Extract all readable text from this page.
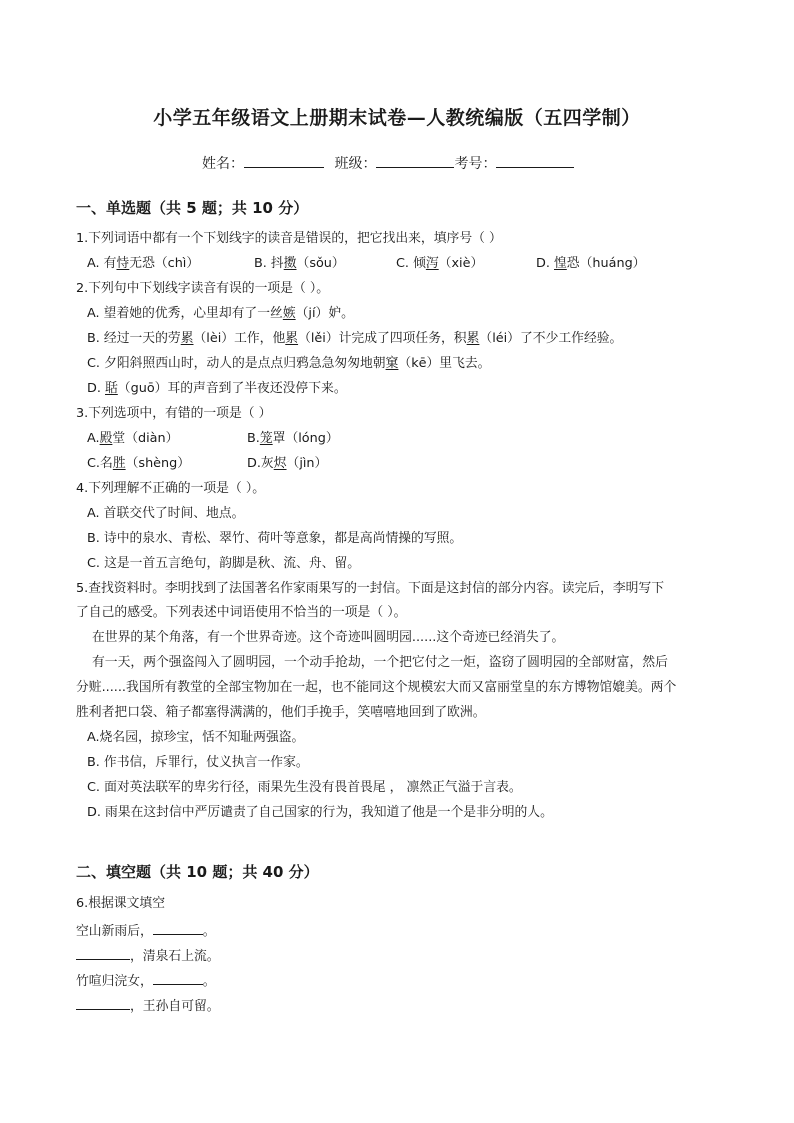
小学五年级语文上册期末试卷—人教统编版（五四学制）
姓名：	班级：	考号：
一、单选题（共 5 题；共 10 分）
1.下列词语中都有一个下划线字的读音是错误的，把它找出来，填序号（ ）
A. 有恃无恐（chì）	B. 抖擞（sǒu）	C. 倾泻（xiè）	D. 惶恐（huáng）
2.下列句中下划线字读音有误的一项是（ ）。
A. 望着她的优秀，心里却有了一丝嫉（jí）妒。
B. 经过一天的劳累（lèi）工作，他累（lěi）计完成了四项任务，积累（léi）了不少工作经验。
C. 夕阳斜照西山时，动人的是点点归鸦急急匆匆地朝窠（kē）里飞去。
D. 聒（guō）耳的声音到了半夜还没停下来。
3.下列选项中，有错的一项是（ ）
A.殿堂（diàn）	B.笼罩（lóng）
C.名胜（shèng）	D.灰烬（jìn）
4.下列理解不正确的一项是（ ）。
A. 首联交代了时间、地点。
B. 诗中的泉水、青松、翠竹、荷叶等意象，都是高尚情操的写照。
C. 这是一首五言绝句，韵脚是秋、流、舟、留。
5.查找资料时。李明找到了法国著名作家雨果写的一封信。下面是这封信的部分内容。读完后，李明写下
了自己的感受。下列表述中词语使用不恰当的一项是（ ）。
在世界的某个角落，有一个世界奇迹。这个奇迹叫圆明园......这个奇迹已经消失了。
有一天，两个强盗闯入了圆明园，一个动手抢劫，一个把它付之一炬，盗窃了圆明园的全部财富，然后
分赃......我国所有教堂的全部宝物加在一起，也不能同这个规模宏大而又富丽堂皇的东方博物馆媲美。两个
胜利者把口袋、箱子都塞得满满的，他们手挽手，笑嘻嘻地回到了欧洲。
A.烧名园，掠珍宝，恬不知耻两强盗。
B. 作书信，斥罪行，仗义执言一作家。
C. 面对英法联军的卑劣行径，雨果先生没有畏首畏尾 ， 凛然正气溢于言表。
D. 雨果在这封信中严厉谴责了自己国家的行为，我知道了他是一个是非分明的人。
二、填空题（共 10 题；共 40 分）
6.根据课文填空
空山新雨后，	。
，清泉石上流。
竹喧归浣女，	。
，王孙自可留。
